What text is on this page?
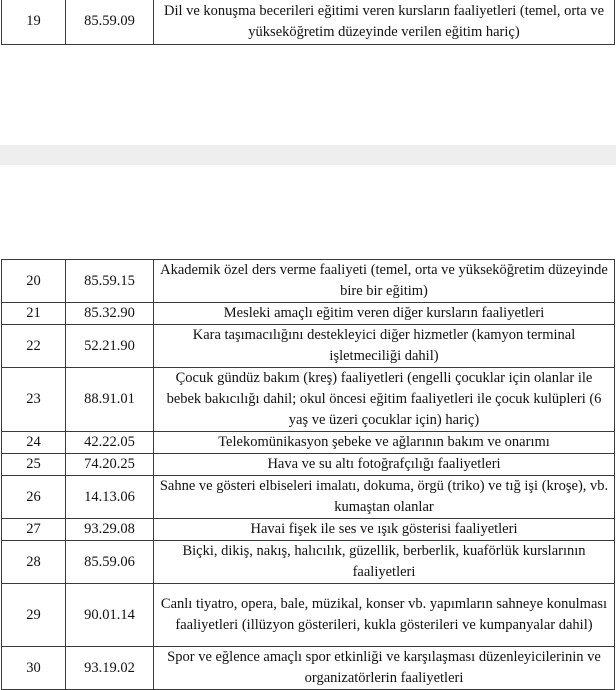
19	85.59.09	Dil ve konuşma becerileri eğitimi veren kursların faaliyetleri (temel, orta ve yükseköğretim düzeyinde verilen eğitim hariç)
20	85.59.15	Akademik özel ders verme faaliyeti (temel, orta ve yükseköğretim düzeyinde bire bir eğitim)
21	85.32.90	Mesleki amaçlı eğitim veren diğer kursların faaliyetleri
22	52.21.90	Kara taşımacılığını destekleyici diğer hizmetler (kamyon terminal işletmeciliği dahil)
23	88.91.01	Çocuk gündüz bakım (kreş) faaliyetleri (engelli çocuklar için olanlar ile bebek bakıcılığı dahil; okul öncesi eğitim faaliyetleri ile çocuk kulüpleri (6 yaş ve üzeri çocuklar için) hariç)
24	42.22.05	Telekomünikasyon şebeke ve ağlarının bakım ve onarımı
25	74.20.25	Hava ve su altı fotoğrafçılığı faaliyetleri
26	14.13.06	Sahne ve gösteri elbiseleri imalatı, dokuma, örgü (triko) ve tığ işi (kroşe), vb. kumaştan olanlar
27	93.29.08	Havai fişek ile ses ve ışık gösterisi faaliyetleri
28	85.59.06	Biçki, dikiş, nakış, halıcılık, güzellik, berberlik, kuaförlük kurslarının faaliyetleri
29	90.01.14	Canlı tiyatro, opera, bale, müzikal, konser vb. yapımların sahneye konulması faaliyetleri (illüzyon gösterileri, kukla gösterileri ve kumpanyalar dahil)
30	93.19.02	Spor ve eğlence amaçlı spor etkinliği ve karşılaşması düzenleyicilerinin ve organizatörlerin faaliyetleri
